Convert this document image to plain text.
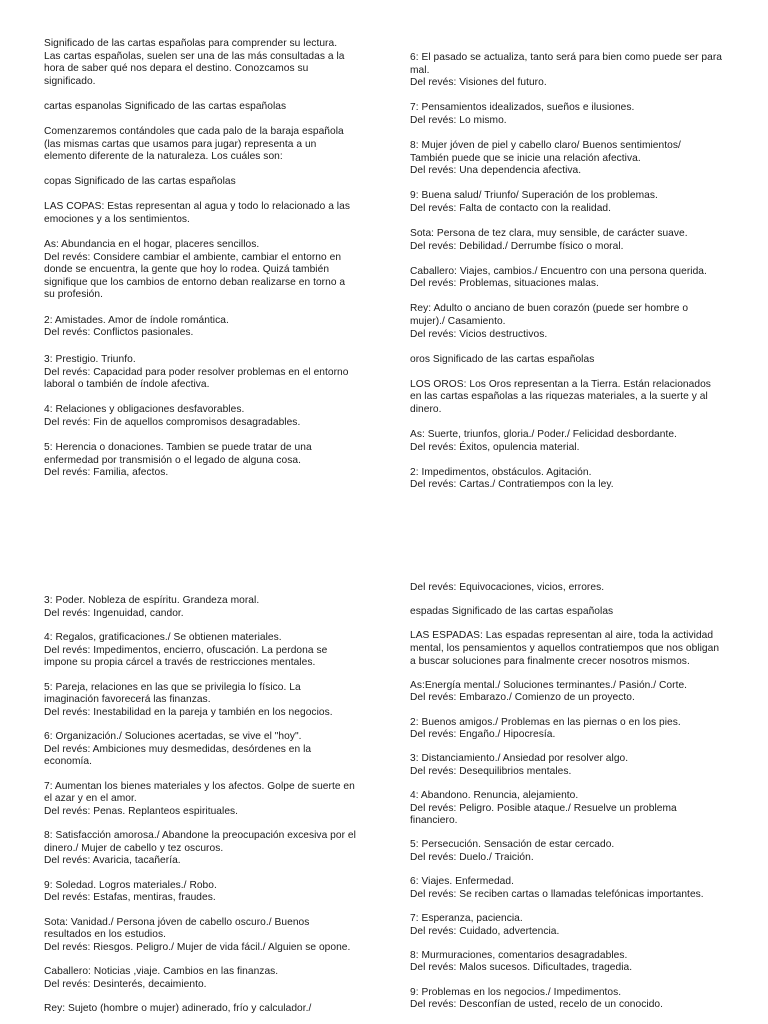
Significado de las cartas españolas para comprender su lectura.
Las cartas españolas, suelen ser una de las más consultadas a la
hora de saber qué nos depara el destino. Conozcamos su
significado.

cartas espanolas Significado de las cartas españolas

Comenzaremos contándoles que cada palo de la baraja española
(las mismas cartas que usamos para jugar) representa a un
elemento diferente de la naturaleza. Los cuáles son:

copas Significado de las cartas españolas

LAS COPAS: Estas representan al agua y todo lo relacionado a las
emociones y a los sentimientos.

As: Abundancia en el hogar, placeres sencillos.
Del revés: Considere cambiar el ambiente, cambiar el entorno en
donde se encuentra, la gente que hoy lo rodea. Quizá también
signifique que los cambios de entorno deban realizarse en torno a
su profesión.

2: Amistades. Amor de índole romántica.
Del revés: Conflictos pasionales.

3: Prestigio. Triunfo.
Del revés: Capacidad para poder resolver problemas en el entorno
laboral o también de índole afectiva.

4: Relaciones y obligaciones desfavorables.
Del revés: Fin de aquellos compromisos desagradables.

5: Herencia o donaciones. Tambien se puede tratar de una
enfermedad por transmisión o el legado de alguna cosa.
Del revés: Familia, afectos.

6: El pasado se actualiza, tanto será para bien como puede ser para
mal.
Del revés: Visiones del futuro.

7: Pensamientos idealizados, sueños e ilusiones.
Del revés: Lo mismo.

8: Mujer jóven de piel y cabello claro/ Buenos sentimientos/
También puede que se inicie una relación afectiva.
Del revés: Una dependencia afectiva.

9: Buena salud/ Triunfo/ Superación de los problemas.
Del revés: Falta de contacto con la realidad.

Sota: Persona de tez clara, muy sensible, de carácter suave.
Del revés: Debilidad./ Derrumbe físico o moral.

Caballero: Viajes, cambios./ Encuentro con una persona querida.
Del revés: Problemas, situaciones malas.

Rey: Adulto o anciano de buen corazón (puede ser hombre o
mujer)./ Casamiento.
Del revés: Vicios destructivos.

oros Significado de las cartas españolas

LOS OROS: Los Oros representan a la Tierra. Están relacionados
en las cartas españolas a las riquezas materiales, a la suerte y al
dinero.

As: Suerte, triunfos, gloria./ Poder./ Felicidad desbordante.
Del revés: Éxitos, opulencia material.

2: Impedimentos, obstáculos. Agitación.
Del revés: Cartas./ Contratiempos con la ley.

3: Poder. Nobleza de espíritu. Grandeza moral.
Del revés: Ingenuidad, candor.

4: Regalos, gratificaciones./ Se obtienen materiales.
Del revés: Impedimentos, encierro, ofuscación. La perdona se
impone su propia cárcel a través de restricciones mentales.

5: Pareja, relaciones en las que se privilegia lo físico. La
imaginación favorecerá las finanzas.
Del revés: Inestabilidad en la pareja y también en los negocios.

6: Organización./ Soluciones acertadas, se vive el "hoy".
Del revés: Ambiciones muy desmedidas, desórdenes en la
economía.

7: Aumentan los bienes materiales y los afectos. Golpe de suerte en
el azar y en el amor.
Del revés: Penas. Replanteos espirituales.

8: Satisfacción amorosa./ Abandone la preocupación excesiva por el
dinero./ Mujer de cabello y tez oscuros.
Del revés: Avaricia, tacañería.

9: Soledad. Logros materiales./ Robo.
Del revés: Estafas, mentiras, fraudes.

Sota: Vanidad./ Persona jóven de cabello oscuro./ Buenos
resultados en los estudios.
Del revés: Riesgos. Peligro./ Mujer de vida fácil./ Alguien se opone.

Caballero: Noticias ,viaje. Cambios en las finanzas.
Del revés: Desinterés, decaimiento.

Rey: Sujeto (hombre o mujer) adinerado, frío y calculador./

Del revés: Equivocaciones, vicios, errores.

espadas Significado de las cartas españolas

LAS ESPADAS: Las espadas representan al aire, toda la actividad
mental, los pensamientos y aquellos contratiempos que nos obligan
a buscar soluciones para finalmente crecer nosotros mismos.

As:Energía mental./ Soluciones terminantes./ Pasión./ Corte.
Del revés: Embarazo./ Comienzo de un proyecto.

2: Buenos amigos./ Problemas en las piernas o en los pies.
Del revés: Engaño./ Hipocresía.

3: Distanciamiento./ Ansiedad por resolver algo.
Del revés: Desequilibrios mentales.

4: Abandono. Renuncia, alejamiento.
Del revés: Peligro. Posible ataque./ Resuelve un problema
financiero.

5: Persecución. Sensación de estar cercado.
Del revés: Duelo./ Traición.

6: Viajes. Enfermedad.
Del revés: Se reciben cartas o llamadas telefónicas importantes.

7: Esperanza, paciencia.
Del revés: Cuidado, advertencia.

8: Murmuraciones, comentarios desagradables.
Del revés: Malos sucesos. Dificultades, tragedia.

9: Problemas en los negocios./ Impedimentos.
Del revés: Desconfían de usted, recelo de un conocido.
